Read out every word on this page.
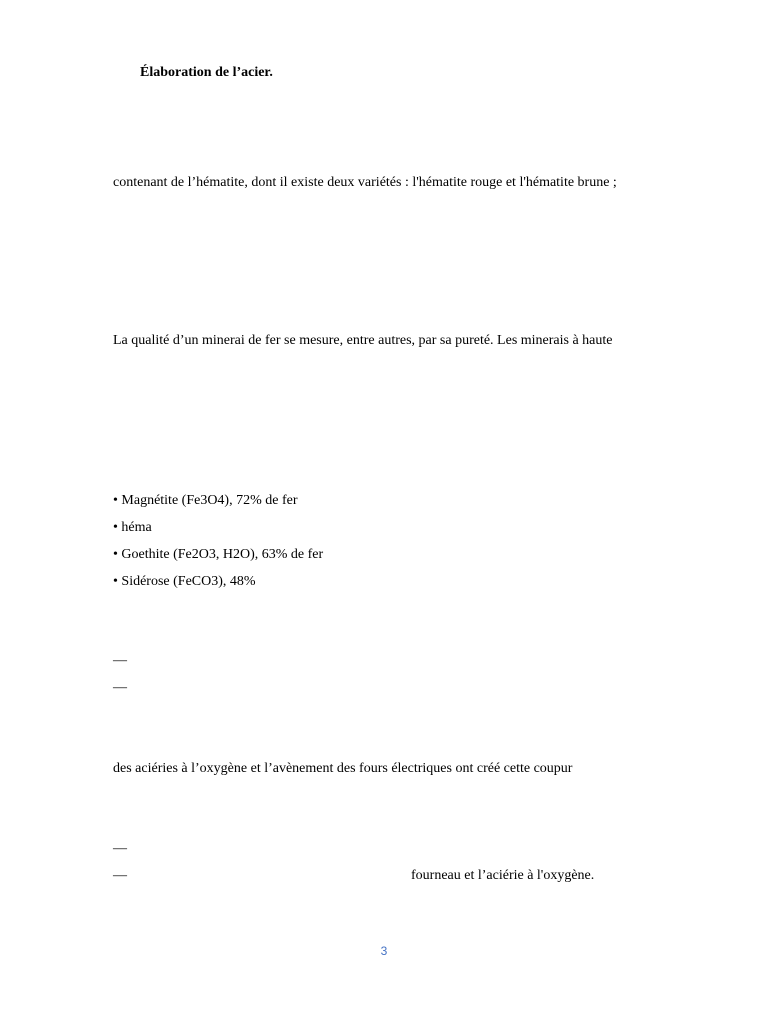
Élaboration de l’acier.
contenant de l’hématite, dont il existe deux variétés : l'hématite rouge et l'hématite brune ;
La qualité d’un minerai de fer se mesure, entre autres, par sa pureté. Les minerais à haute
• Magnétite (Fe3O4), 72% de fer
• héma
• Goethite (Fe2O3, H2O), 63% de fer
• Sidérose (FeCO3), 48%
—
—
des aciéries à l’oxygène et l’avènement des fours électriques ont créé cette coupur
—
—	fourneau et l’aciérie à l'oxygène.
3
